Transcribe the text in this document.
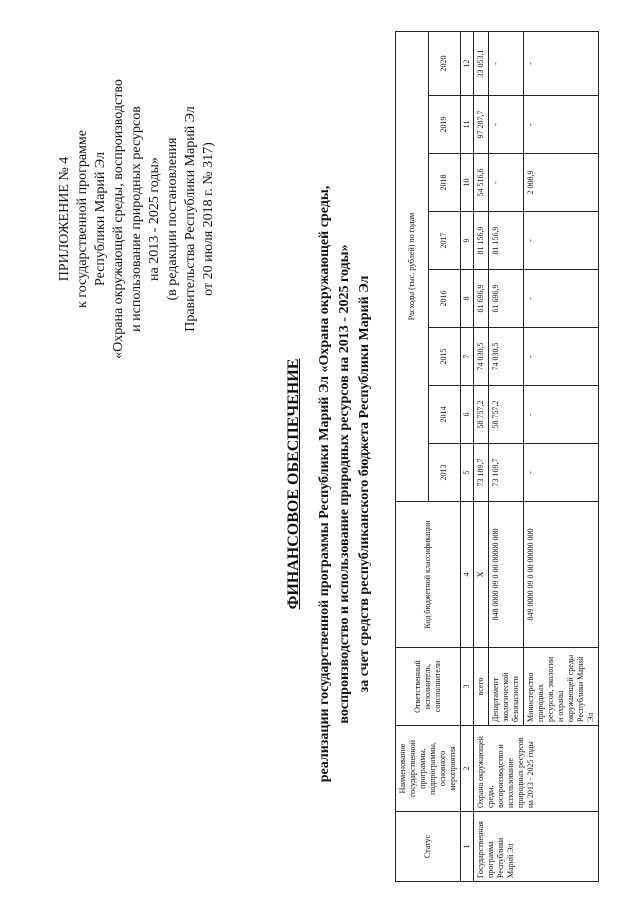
ПРИЛОЖЕНИЕ № 4 к государственной программе Республики Марий Эл «Охрана окружающей среды, воспроизводство и использование природных ресурсов на 2013 - 2025 годы» (в редакции постановления Правительства Республики Марий Эл от 20 июля 2018 г. № 317)
ФИНАНСОВОЕ ОБЕСПЕЧЕНИЕ реализации государственной программы Республики Марий Эл «Охрана окружающей среды, воспроизводство и использование природных ресурсов на 2013 - 2025 годы» за счет средств республиканского бюджета Республики Марий Эл
Статус	Наименование государственной программы, подпрограммы, основного мероприятия	Ответственный исполнитель, соисполнители	Код бюджетной классификации	Расходы (тыс. рублей) по годам							
				2013	2014	2015	2016	2017	2018	2019	2020
1	2	3	4	5	6	7	8	9	10	11	12
Государственная программа Республики Марий Эл	Охрана окружающей среды, воспроизводство и использование природных ресурсов на 2013 - 2025 годы	всего	Х	73 189,7	58 757,2	74 030,5	61 696,9	81 156,9	54 516,6	97 287,7	33 053,1
		Департамент экологической безопасности	848 0000 09 0 00 00000 000	73 169,7	58 757,2	74 030,5	61 696,9	81 156,9	-	-	-
		Министерство природных ресурсов, экологии и охраны окружающей среды Республики Марий Эл	849 0000 09 0 00 00000 000	-	-	-	-	-	2 008,9	-	-
